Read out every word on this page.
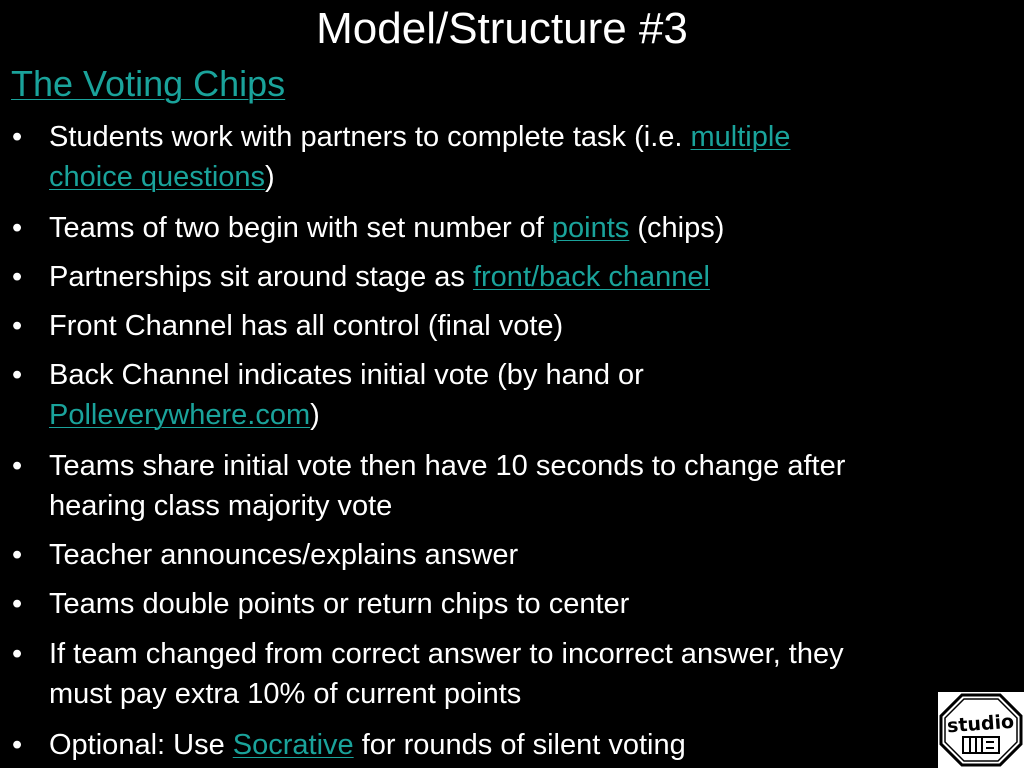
Model/Structure #3
The Voting Chips
• Students work with partners to complete task (i.e. multiple
choice questions)
• Teams of two begin with set number of points (chips)
• Partnerships sit around stage as front/back channel
• Front Channel has all control (final vote)
• Back Channel indicates initial vote (by hand or
Polleverywhere.com)
• Teams share initial vote then have 10 seconds to change after
hearing class majority vote
• Teacher announces/explains answer
• Teams double points or return chips to center
• If team changed from correct answer to incorrect answer, they
must pay extra 10% of current points
• Optional: Use Socrative for rounds of silent voting
studio
